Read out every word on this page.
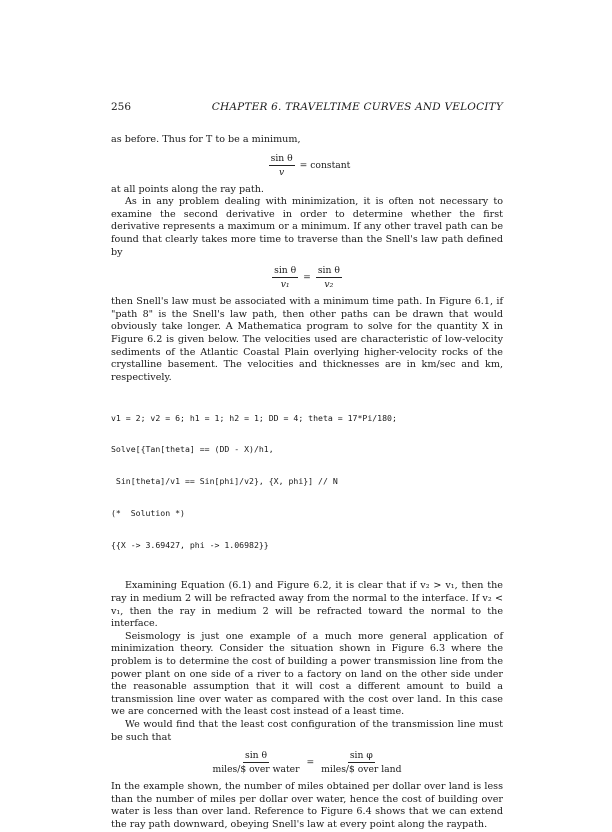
256	CHAPTER 6. TRAVELTIME CURVES AND VELOCITY

as before. Thus for T to be a minimum,

$\frac{\text{sin θ}}{v}$ = constant

at all points along the ray path.

As in any problem dealing with minimization, it is often not necessary to examine the second derivative in order to determine whether the first derivative represents a maximum or a minimum. If any other travel path can be found that clearly takes more time to traverse than the Snell's law path defined by

$\frac{\text{sin θ}}{\text{v₁}} = \frac{\text{sin θ}}{\text{v₂}}$

then Snell's law must be associated with a minimum time path. In Figure 6.1, if "path 8" is the Snell's law path, then other paths can be drawn that would obviously take longer. A Mathematica program to solve for the quantity X in Figure 6.2 is given below. The velocities used are characteristic of low-velocity sediments of the Atlantic Coastal Plain overlying higher-velocity rocks of the crystalline basement. The velocities and thicknesses are in km/sec and km, respectively.

v1 = 2; v2 = 6; h1 = 1; h2 = 1; DD = 4; theta = 17*Pi/180;

Solve[{Tan[theta] == (DD - X)/h1,

Sin[theta]/v1 == Sin[phi]/v2}, {X, phi}] // N

(*  Solution *)

{{X -> 3.69427, phi -> 1.06982}}

Examining Equation (6.1) and Figure 6.2, it is clear that if v₂ > v₁, then the ray in medium 2 will be refracted away from the normal to the interface. If v₂ < v₁, then the ray in medium 2 will be refracted toward the normal to the interface.

Seismology is just one example of a much more general application of minimization theory. Consider the situation shown in Figure 6.3 where the problem is to determine the cost of building a power transmission line from the power plant on one side of a river to a factory on land on the other side under the reasonable assumption that it will cost a different amount to build a transmission line over water as compared with the cost over land. In this case we are concerned with the least cost instead of a least time.

We would find that the least cost configuration of the transmission line must be such that

$\frac{\text{sin θ}}{\text{miles/\$ over water}} = \frac{\text{sin φ}}{\text{miles/\$ over land}}$

In the example shown, the number of miles obtained per dollar over land is less than the number of miles per dollar over water, hence the cost of building over water is less than over land. Reference to Figure 6.4 shows that we can extend the ray path downward, obeying Snell's law at every point along the raypath.
